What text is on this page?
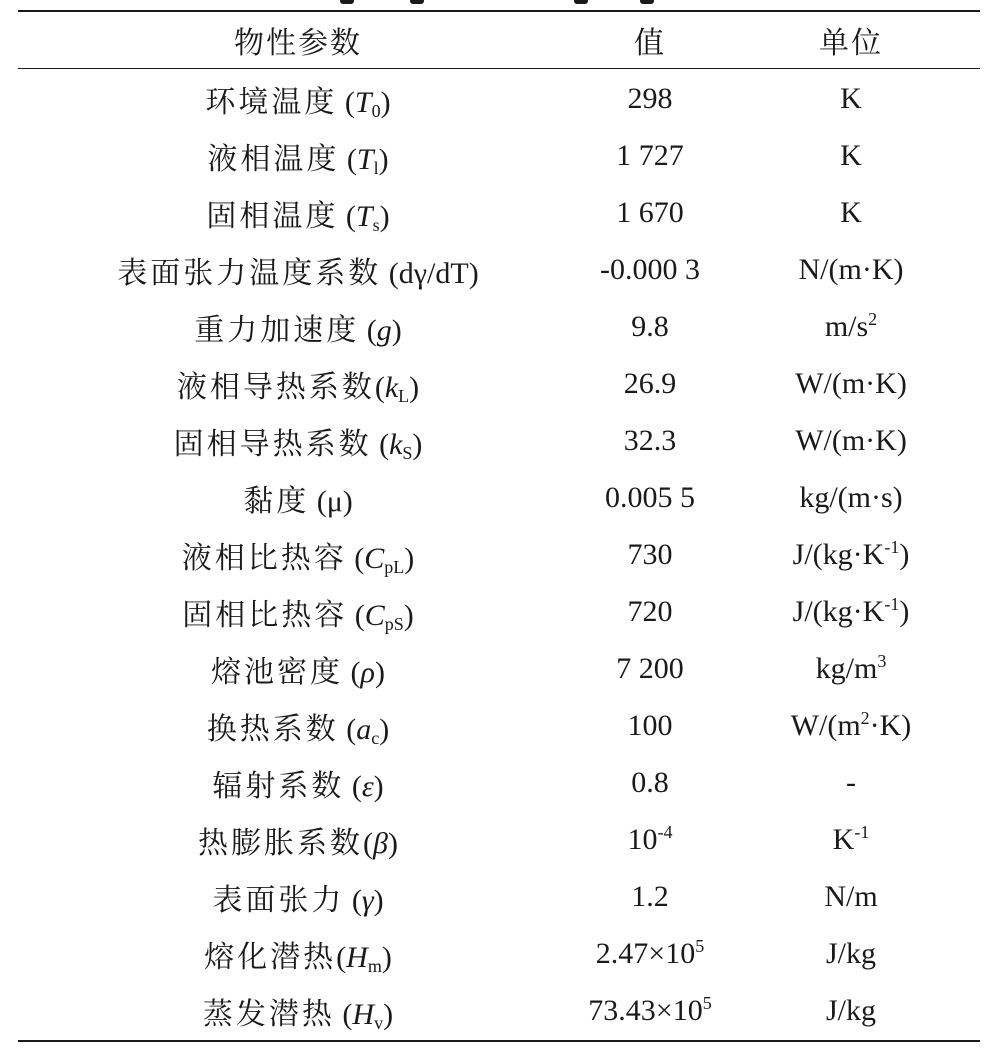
物性参数	值	单位
环境温度 $(T_0)$	298	K
液相温度 $(T_l)$	1 727	K
固相温度 $(T_s)$	1 670	K
表面张力温度系数 (dγ/dT)	-0.000 3	N/(m·K)
重力加速度 (g)	9.8	$m/s^2$
液相导热系数$(k_L)$	26.9	W/(m·K)
固相导热系数 $(k_S)$	32.3	W/(m·K)
黏度 (μ)	0.005 5	kg/(m·s)
液相比热容 $(C_{pL})$	730	$J/(kg\cdot K^{-1})$
固相比热容 $(C_{pS})$	720	$J/(kg\cdot K^{-1})$
熔池密度 (ρ)	7 200	$kg/m^3$
换热系数 $(a_c)$	100	$W/(m^2\cdot K)$
辐射系数 (ε)	0.8	-
热膨胀系数(β)	$10^{-4}$	$K^{-1}$
表面张力 (γ)	1.2	N/m
熔化潜热$(H_m)$	$2.47\times 10^5$	J/kg
蒸发潜热 $(H_v)$	$73.43\times 10^5$	J/kg
